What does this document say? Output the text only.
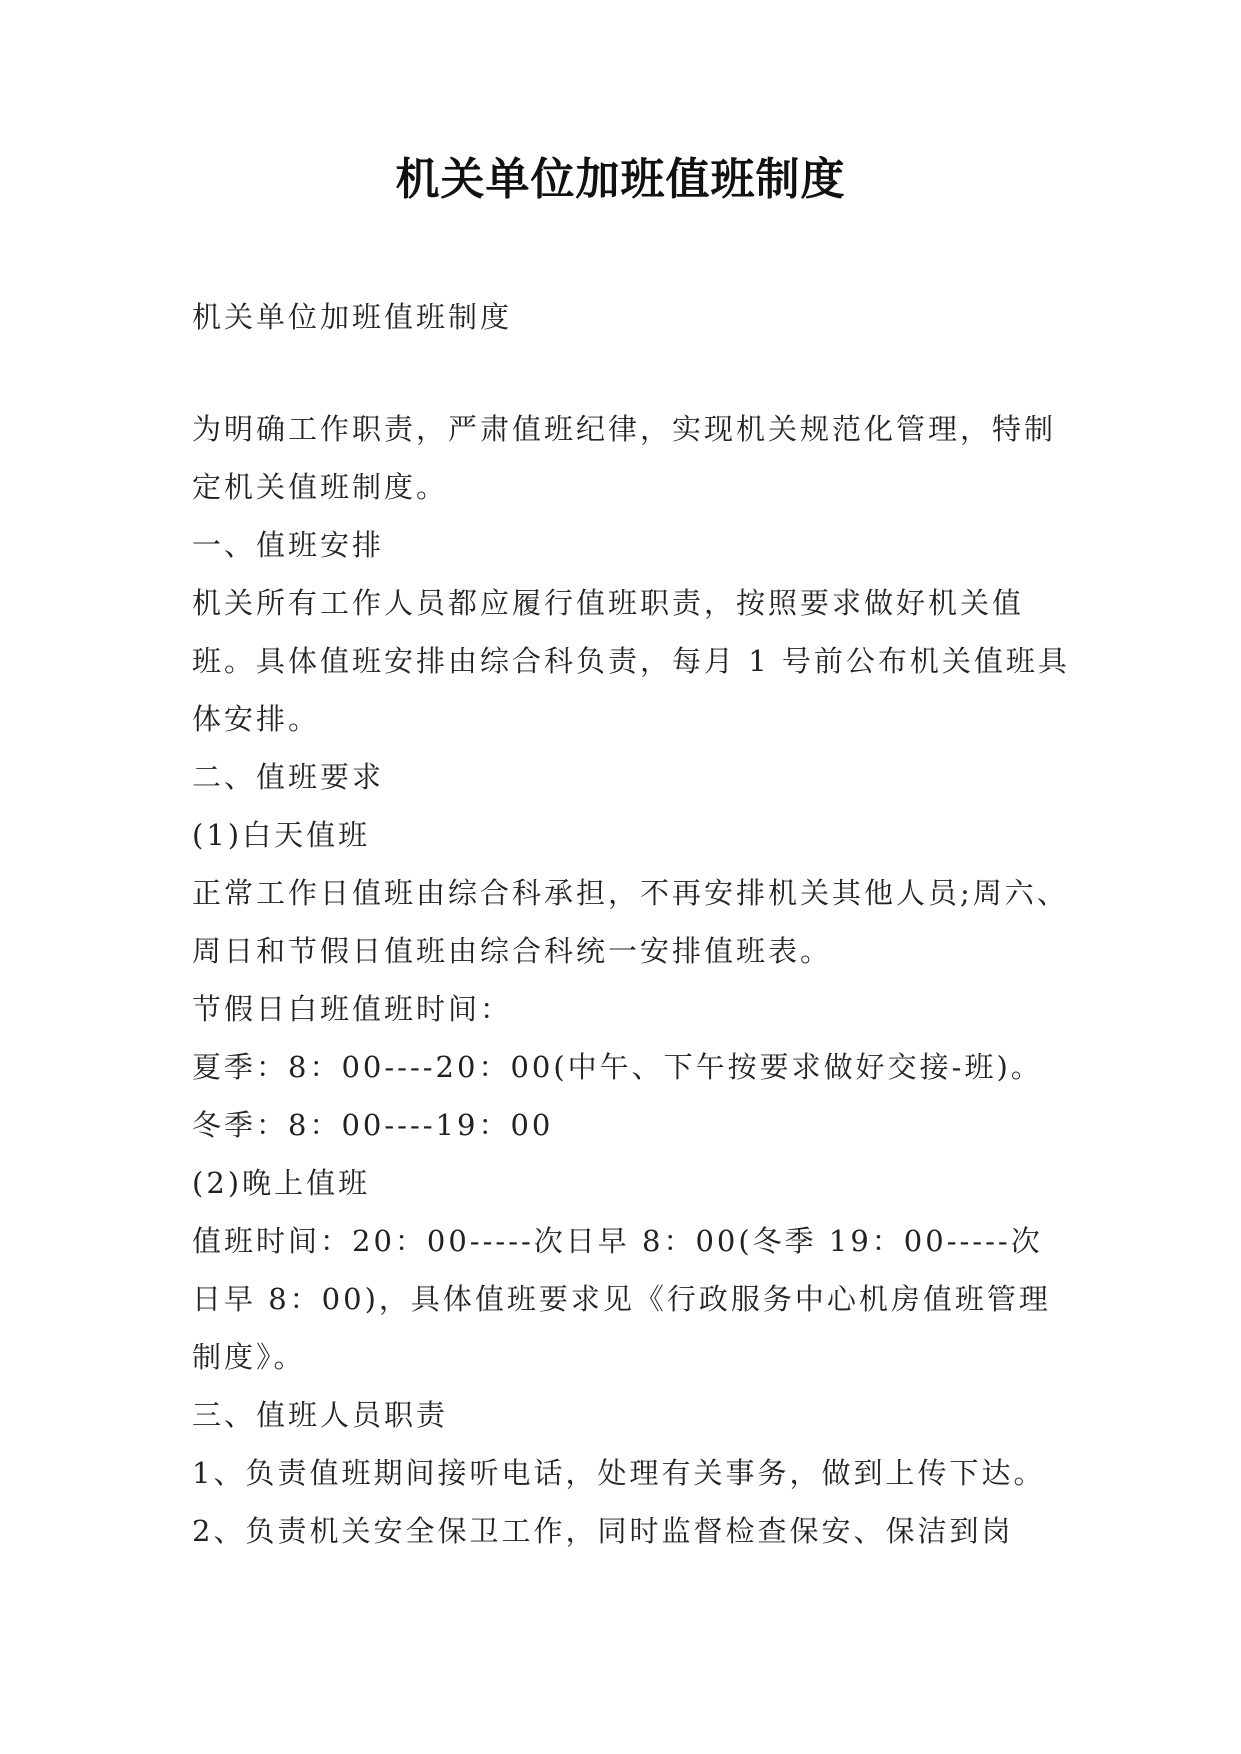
机关单位加班值班制度
机关单位加班值班制度

为明确工作职责，严肃值班纪律，实现机关规范化管理，特制定机关值班制度。

一、值班安排

机关所有工作人员都应履行值班职责，按照要求做好机关值班。具体值班安排由综合科负责，每月 1 号前公布机关值班具体安排。

二、值班要求

(1)白天值班

正常工作日值班由综合科承担，不再安排机关其他人员;周六、周日和节假日值班由综合科统一安排值班表。

节假日白班值班时间：

夏季：8：00----20：00(中午、下午按要求做好交接-班)。

冬季：8：00----19：00

(2)晚上值班

值班时间：20：00-----次日早 8：00(冬季 19：00-----次日早 8：00)，具体值班要求见《行政服务中心机房值班管理制度》。

三、值班人员职责

1、负责值班期间接听电话，处理有关事务，做到上传下达。

2、负责机关安全保卫工作，同时监督检查保安、保洁到岗
